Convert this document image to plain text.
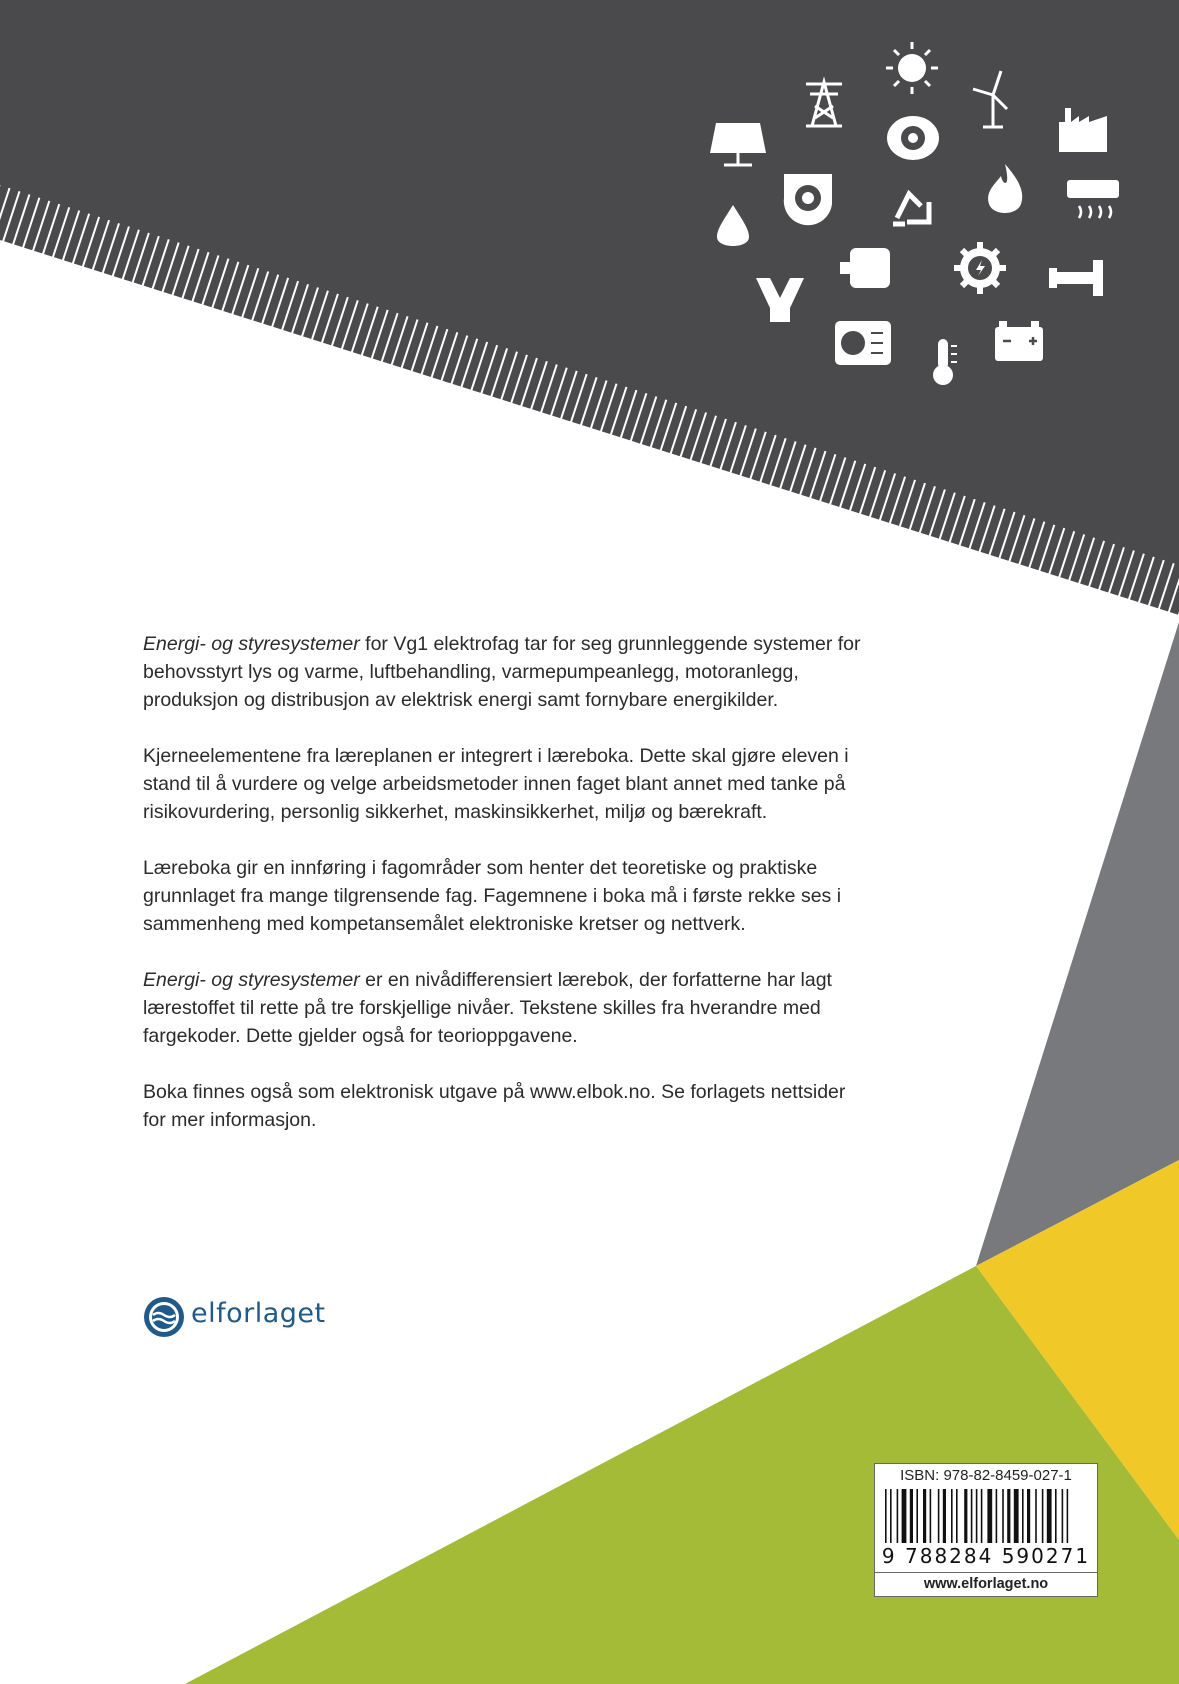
Energi- og styresystemer for Vg1 elektrofag tar for seg grunnleggende systemer for behovsstyrt lys og varme, luftbehandling, varmepumpeanlegg, motoranlegg, produksjon og distribusjon av elektrisk energi samt fornybare energikilder.

Kjerneelementene fra læreplanen er integrert i læreboka. Dette skal gjøre eleven i stand til å vurdere og velge arbeidsmetoder innen faget blant annet med tanke på risikovurdering, personlig sikkerhet, maskinsikkerhet, miljø og bærekraft.

Læreboka gir en innføring i fagområder som henter det teoretiske og praktiske grunnlaget fra mange tilgrensende fag. Fagemnene i boka må i første rekke ses i sammenheng med kompetansemålet elektroniske kretser og nettverk.

Energi- og styresystemer er en nivådifferensiert lærebok, der forfatterne har lagt lærestoffet til rette på tre forskjellige nivåer. Tekstene skilles fra hverandre med fargekoder. Dette gjelder også for teorioppgavene.

Boka finnes også som elektronisk utgave på www.elbok.no. Se forlagets nettsider for mer informasjon.

elforlaget
ISBN: 978-82-8459-027-1
9 788284 590271
www.elforlaget.no
